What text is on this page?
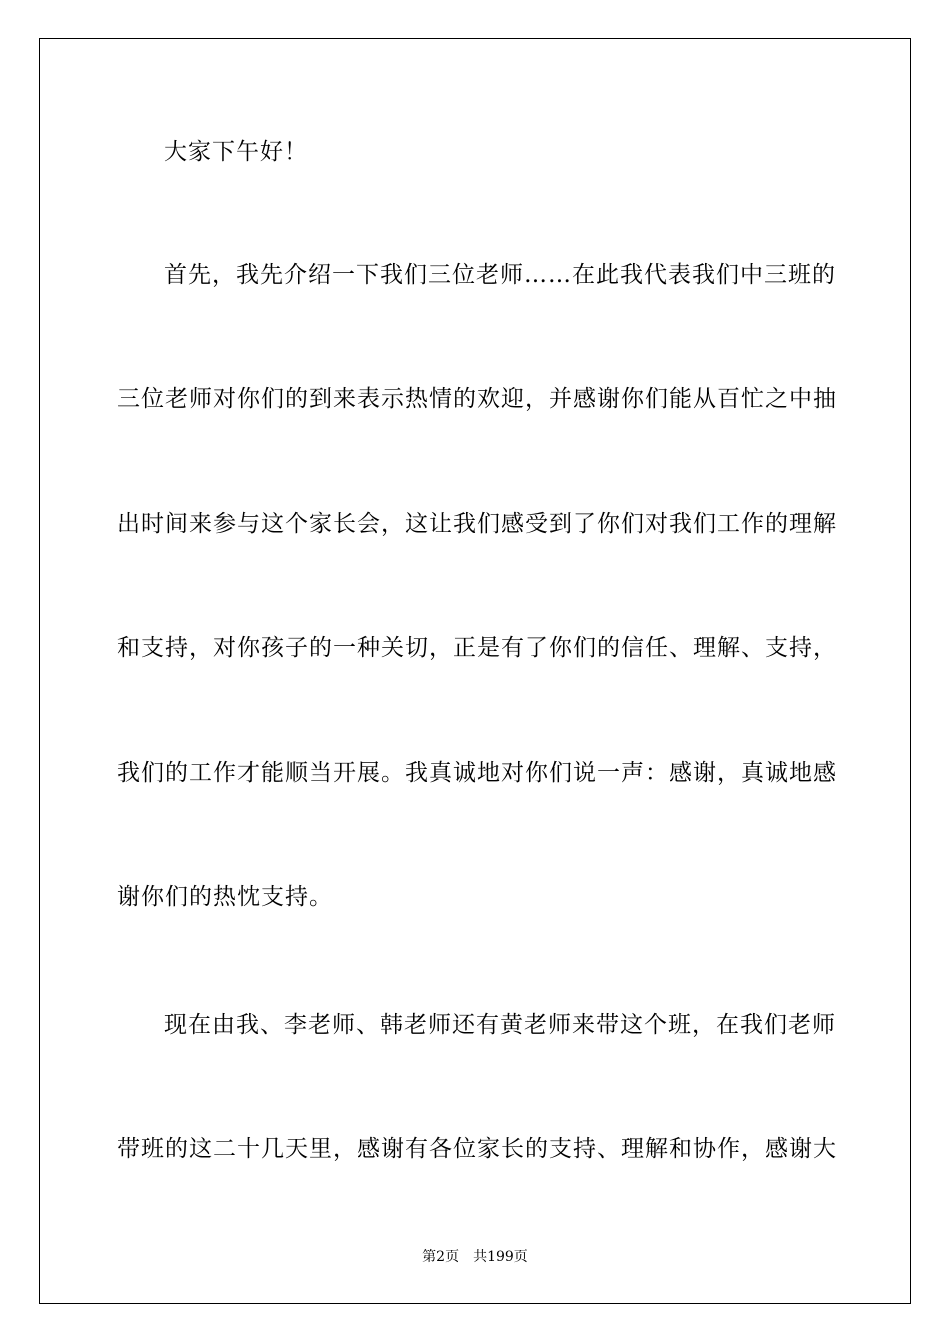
大家下午好！
首先，我先介绍一下我们三位老师……在此我代表我们中三班的
三位老师对你们的到来表示热情的欢迎，并感谢你们能从百忙之中抽
出时间来参与这个家长会，这让我们感受到了你们对我们工作的理解
和支持，对你孩子的一种关切，正是有了你们的信任、理解、支持，
我们的工作才能顺当开展。我真诚地对你们说一声：感谢，真诚地感
谢你们的热忱支持。
现在由我、李老师、韩老师还有黄老师来带这个班，在我们老师
带班的这二十几天里，感谢有各位家长的支持、理解和协作，感谢大
第2页　共199页
